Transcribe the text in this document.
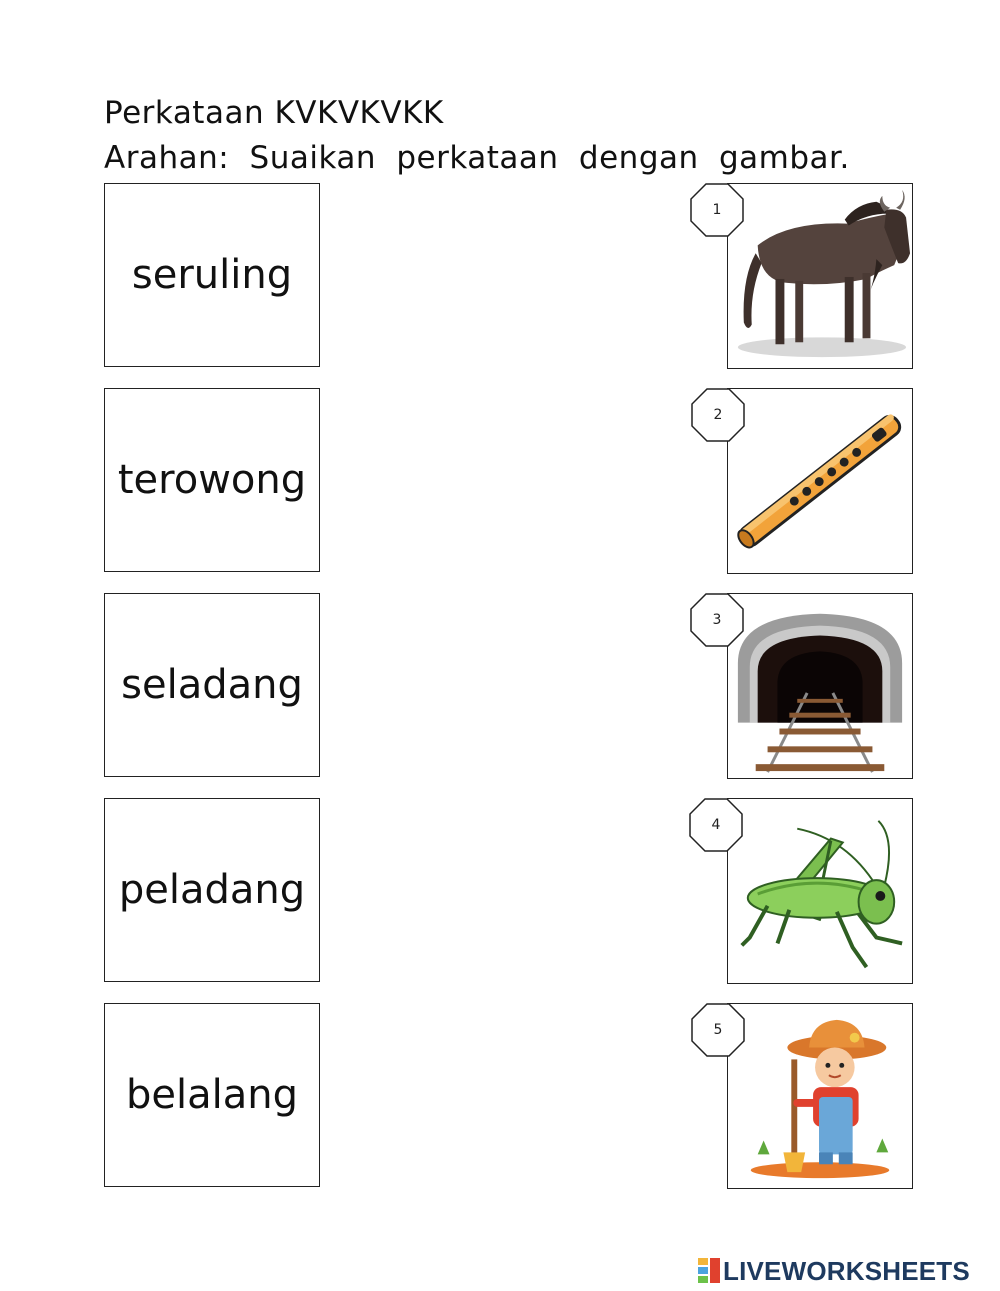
Perkataan KVKVKVKK
Arahan: Suaikan perkataan dengan gambar.
seruling
terowong
seladang
peladang
belalang
1
2
3
4
5
LIVEWORKSHEETS
